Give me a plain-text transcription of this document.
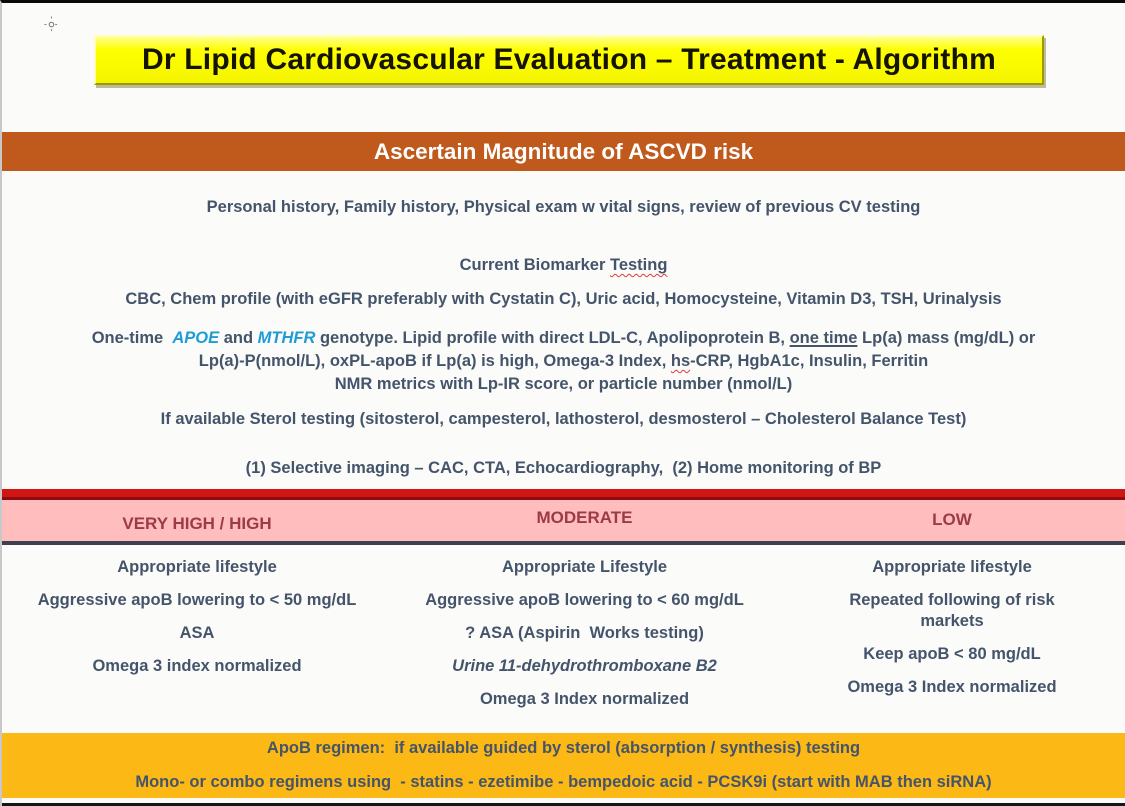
Dr Lipid Cardiovascular Evaluation – Treatment - Algorithm
Ascertain Magnitude of ASCVD risk
Personal history, Family history, Physical exam w vital signs, review of previous CV testing
Current Biomarker Testing
CBC, Chem profile (with eGFR preferably with Cystatin C), Uric acid, Homocysteine, Vitamin D3, TSH, Urinalysis
One-time  APOE and MTHFR genotype. Lipid profile with direct LDL-C, Apolipoprotein B, one time Lp(a) mass (mg/dL) or
Lp(a)-P(nmol/L), oxPL-apoB if Lp(a) is high, Omega-3 Index, hs-CRP, HgbA1c, Insulin, Ferritin
NMR metrics with Lp-IR score, or particle number (nmol/L)
If available Sterol testing (sitosterol, campesterol, lathosterol, desmosterol – Cholesterol Balance Test)
(1) Selective imaging – CAC, CTA, Echocardiography,  (2) Home monitoring of BP
VERY HIGH / HIGH	MODERATE	LOW
Appropriate lifestyle
Aggressive apoB lowering to < 50 mg/dL
ASA
Omega 3 index normalized
Appropriate Lifestyle
Aggressive apoB lowering to < 60 mg/dL
? ASA (Aspirin  Works testing)
Urine 11-dehydrothromboxane B2
Omega 3 Index normalized
Appropriate lifestyle
Repeated following of risk markets
Keep apoB < 80 mg/dL
Omega 3 Index normalized
ApoB regimen:  if available guided by sterol (absorption / synthesis) testing
Mono- or combo regimens using  - statins - ezetimibe - bempedoic acid - PCSK9i (start with MAB then siRNA)
